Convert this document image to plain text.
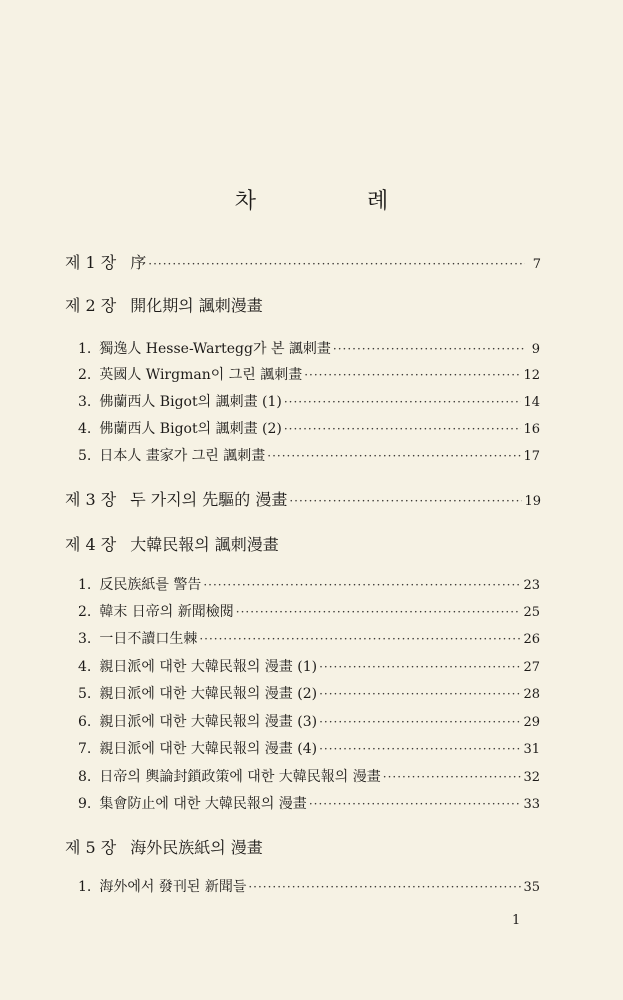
차 례
제 1 장 序 ·····	7
제 2 장 開化期의 諷刺漫畫
1. 獨逸人 Hesse-Wartegg가 본 諷刺畫 ·····	9
2. 英國人 Wirgman이 그린 諷刺畫 ·····	12
3. 佛蘭西人 Bigot의 諷刺畫 (1) ·····	14
4. 佛蘭西人 Bigot의 諷刺畫 (2) ·····	16
5. 日本人 畫家가 그린 諷刺畫 ·····	17
제 3 장 두 가지의 先驅的 漫畫 ·····	19
제 4 장 大韓民報의 諷刺漫畫
1. 反民族紙를 警告 ·····	23
2. 韓末 日帝의 新聞檢閱 ·····	25
3. 一日不讀口生棘 ·····	26
4. 親日派에 대한 大韓民報의 漫畫 (1) ·····	27
5. 親日派에 대한 大韓民報의 漫畫 (2) ·····	28
6. 親日派에 대한 大韓民報의 漫畫 (3) ·····	29
7. 親日派에 대한 大韓民報의 漫畫 (4) ·····	31
8. 日帝의 輿論封鎖政策에 대한 大韓民報의 漫畫 ·····	32
9. 集會防止에 대한 大韓民報의 漫畫 ·····	33
제 5 장 海外民族紙의 漫畫
1. 海外에서 發刊된 新聞들 ·····	35
1
